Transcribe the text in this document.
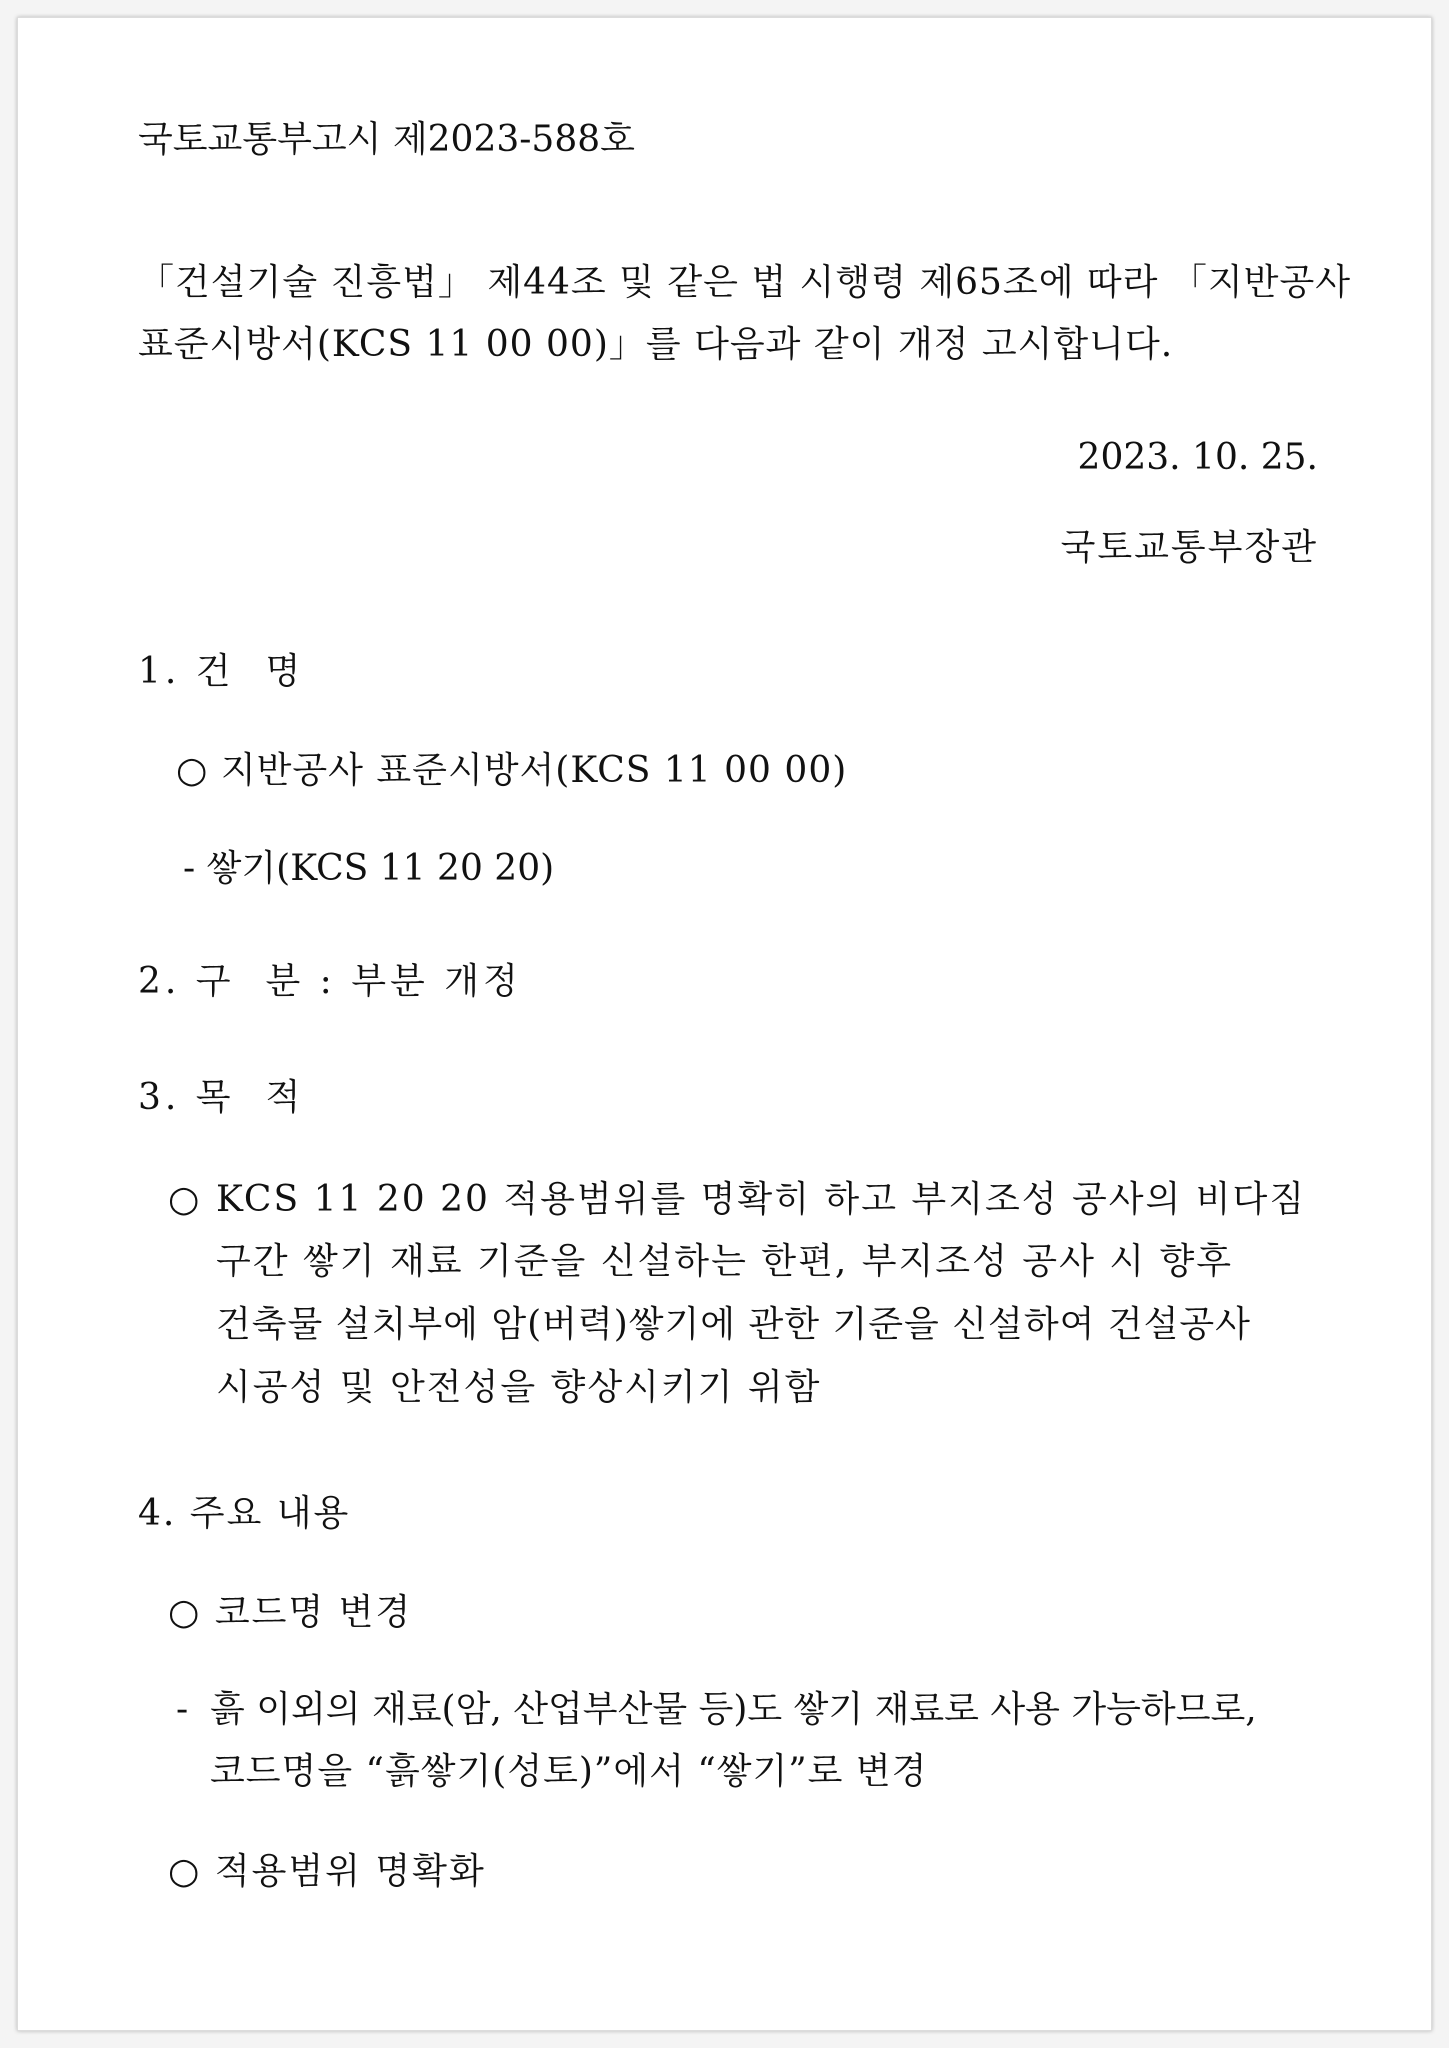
국토교통부고시 제2023-588호
「건설기술 진흥법」 제44조 및 같은 법 시행령 제65조에 따라 「지반공사
표준시방서(KCS 11 00 00)」를 다음과 같이 개정 고시합니다.
2023. 10. 25.
국토교통부장관
1. 건  명
○ 지반공사 표준시방서(KCS 11 00 00)
- 쌓기(KCS 11 20 20)
2. 구  분 : 부분 개정
3. 목  적
○ KCS 11 20 20 적용범위를 명확히 하고 부지조성 공사의 비다짐
구간 쌓기 재료 기준을 신설하는 한편, 부지조성 공사 시 향후
건축물 설치부에 암(버력)쌓기에 관한 기준을 신설하여 건설공사
시공성 및 안전성을 향상시키기 위함
4. 주요 내용
○ 코드명 변경
- 흙 이외의 재료(암, 산업부산물 등)도 쌓기 재료로 사용 가능하므로,
코드명을 “흙쌓기(성토)”에서 “쌓기”로 변경
○ 적용범위 명확화
